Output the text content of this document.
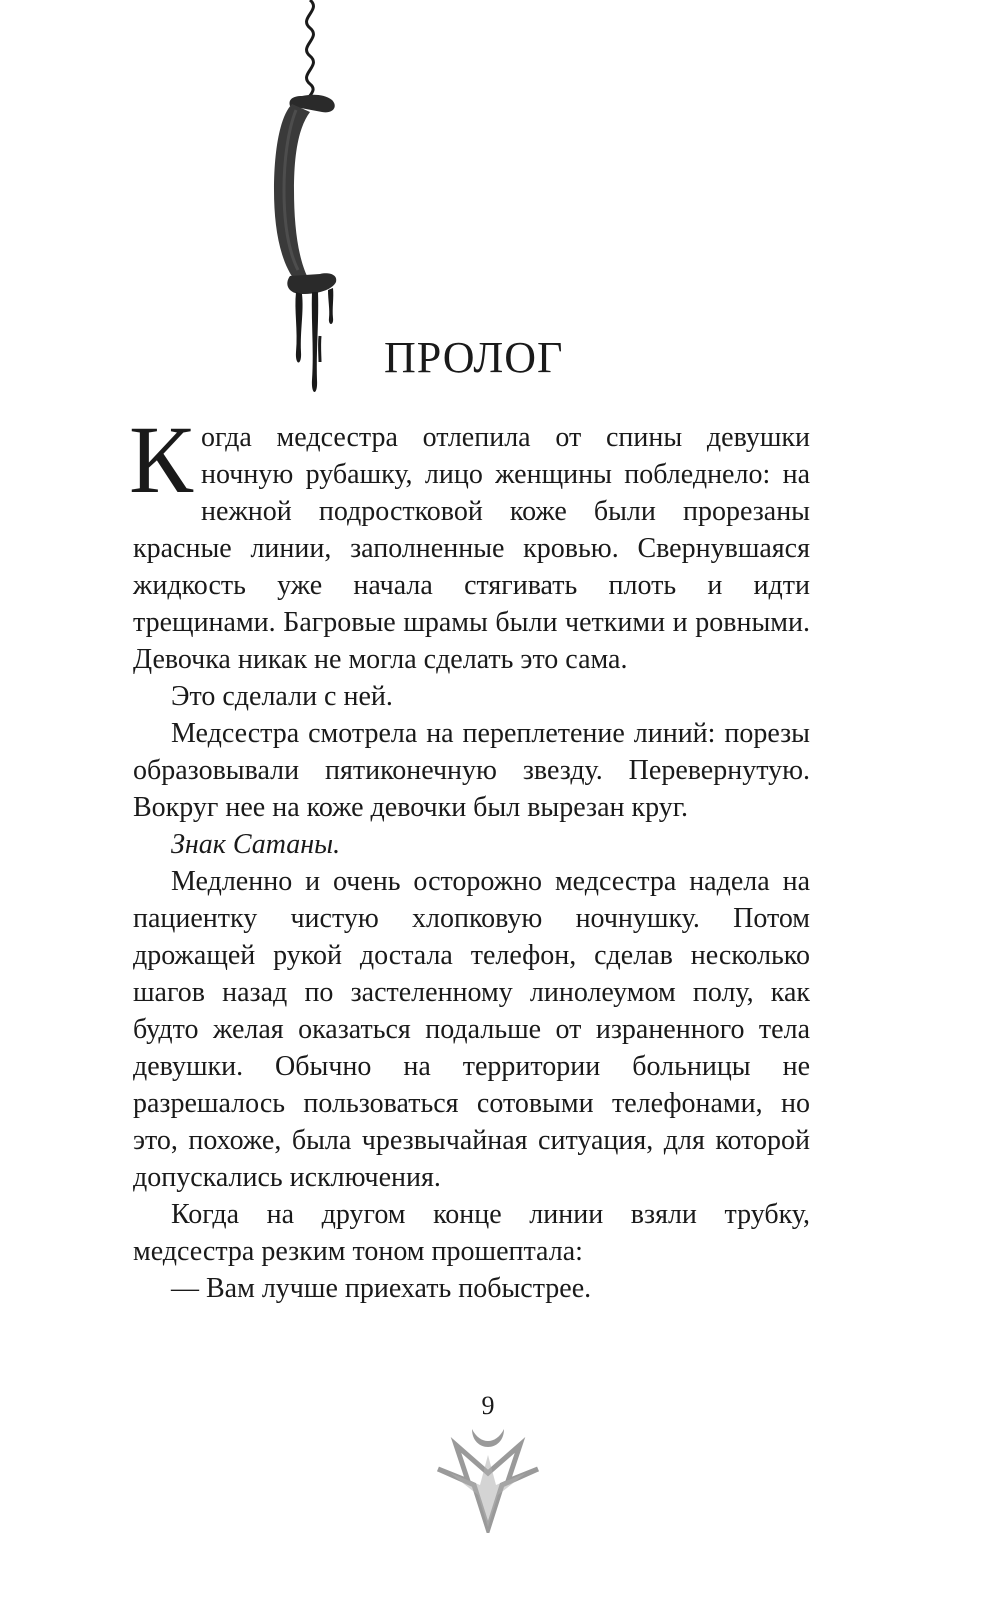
ПРОЛОГ

Когда медсестра отлепила от спины девушки ночную рубашку, лицо женщины побледнело: на нежной подростковой коже были прорезаны красные линии, заполненные кровью. Свернувшаяся жидкость уже начала стягивать плоть и идти трещинами. Багровые шрамы были четкими и ровными. Девочка никак не могла сделать это сама.

Это сделали с ней.

Медсестра смотрела на переплетение линий: порезы образовывали пятиконечную звезду. Перевернутую. Вокруг нее на коже девочки был вырезан круг.

Знак Сатаны.

Медленно и очень осторожно медсестра надела на пациентку чистую хлопковую ночнушку. Потом дрожащей рукой достала телефон, сделав несколько шагов назад по застеленному линолеумом полу, как будто желая оказаться подальше от израненного тела девушки. Обычно на территории больницы не разрешалось пользоваться сотовыми телефонами, но это, похоже, была чрезвычайная ситуация, для которой допускались исключения.

Когда на другом конце линии взяли трубку, медсестра резким тоном прошептала:

— Вам лучше приехать побыстрее.

9
